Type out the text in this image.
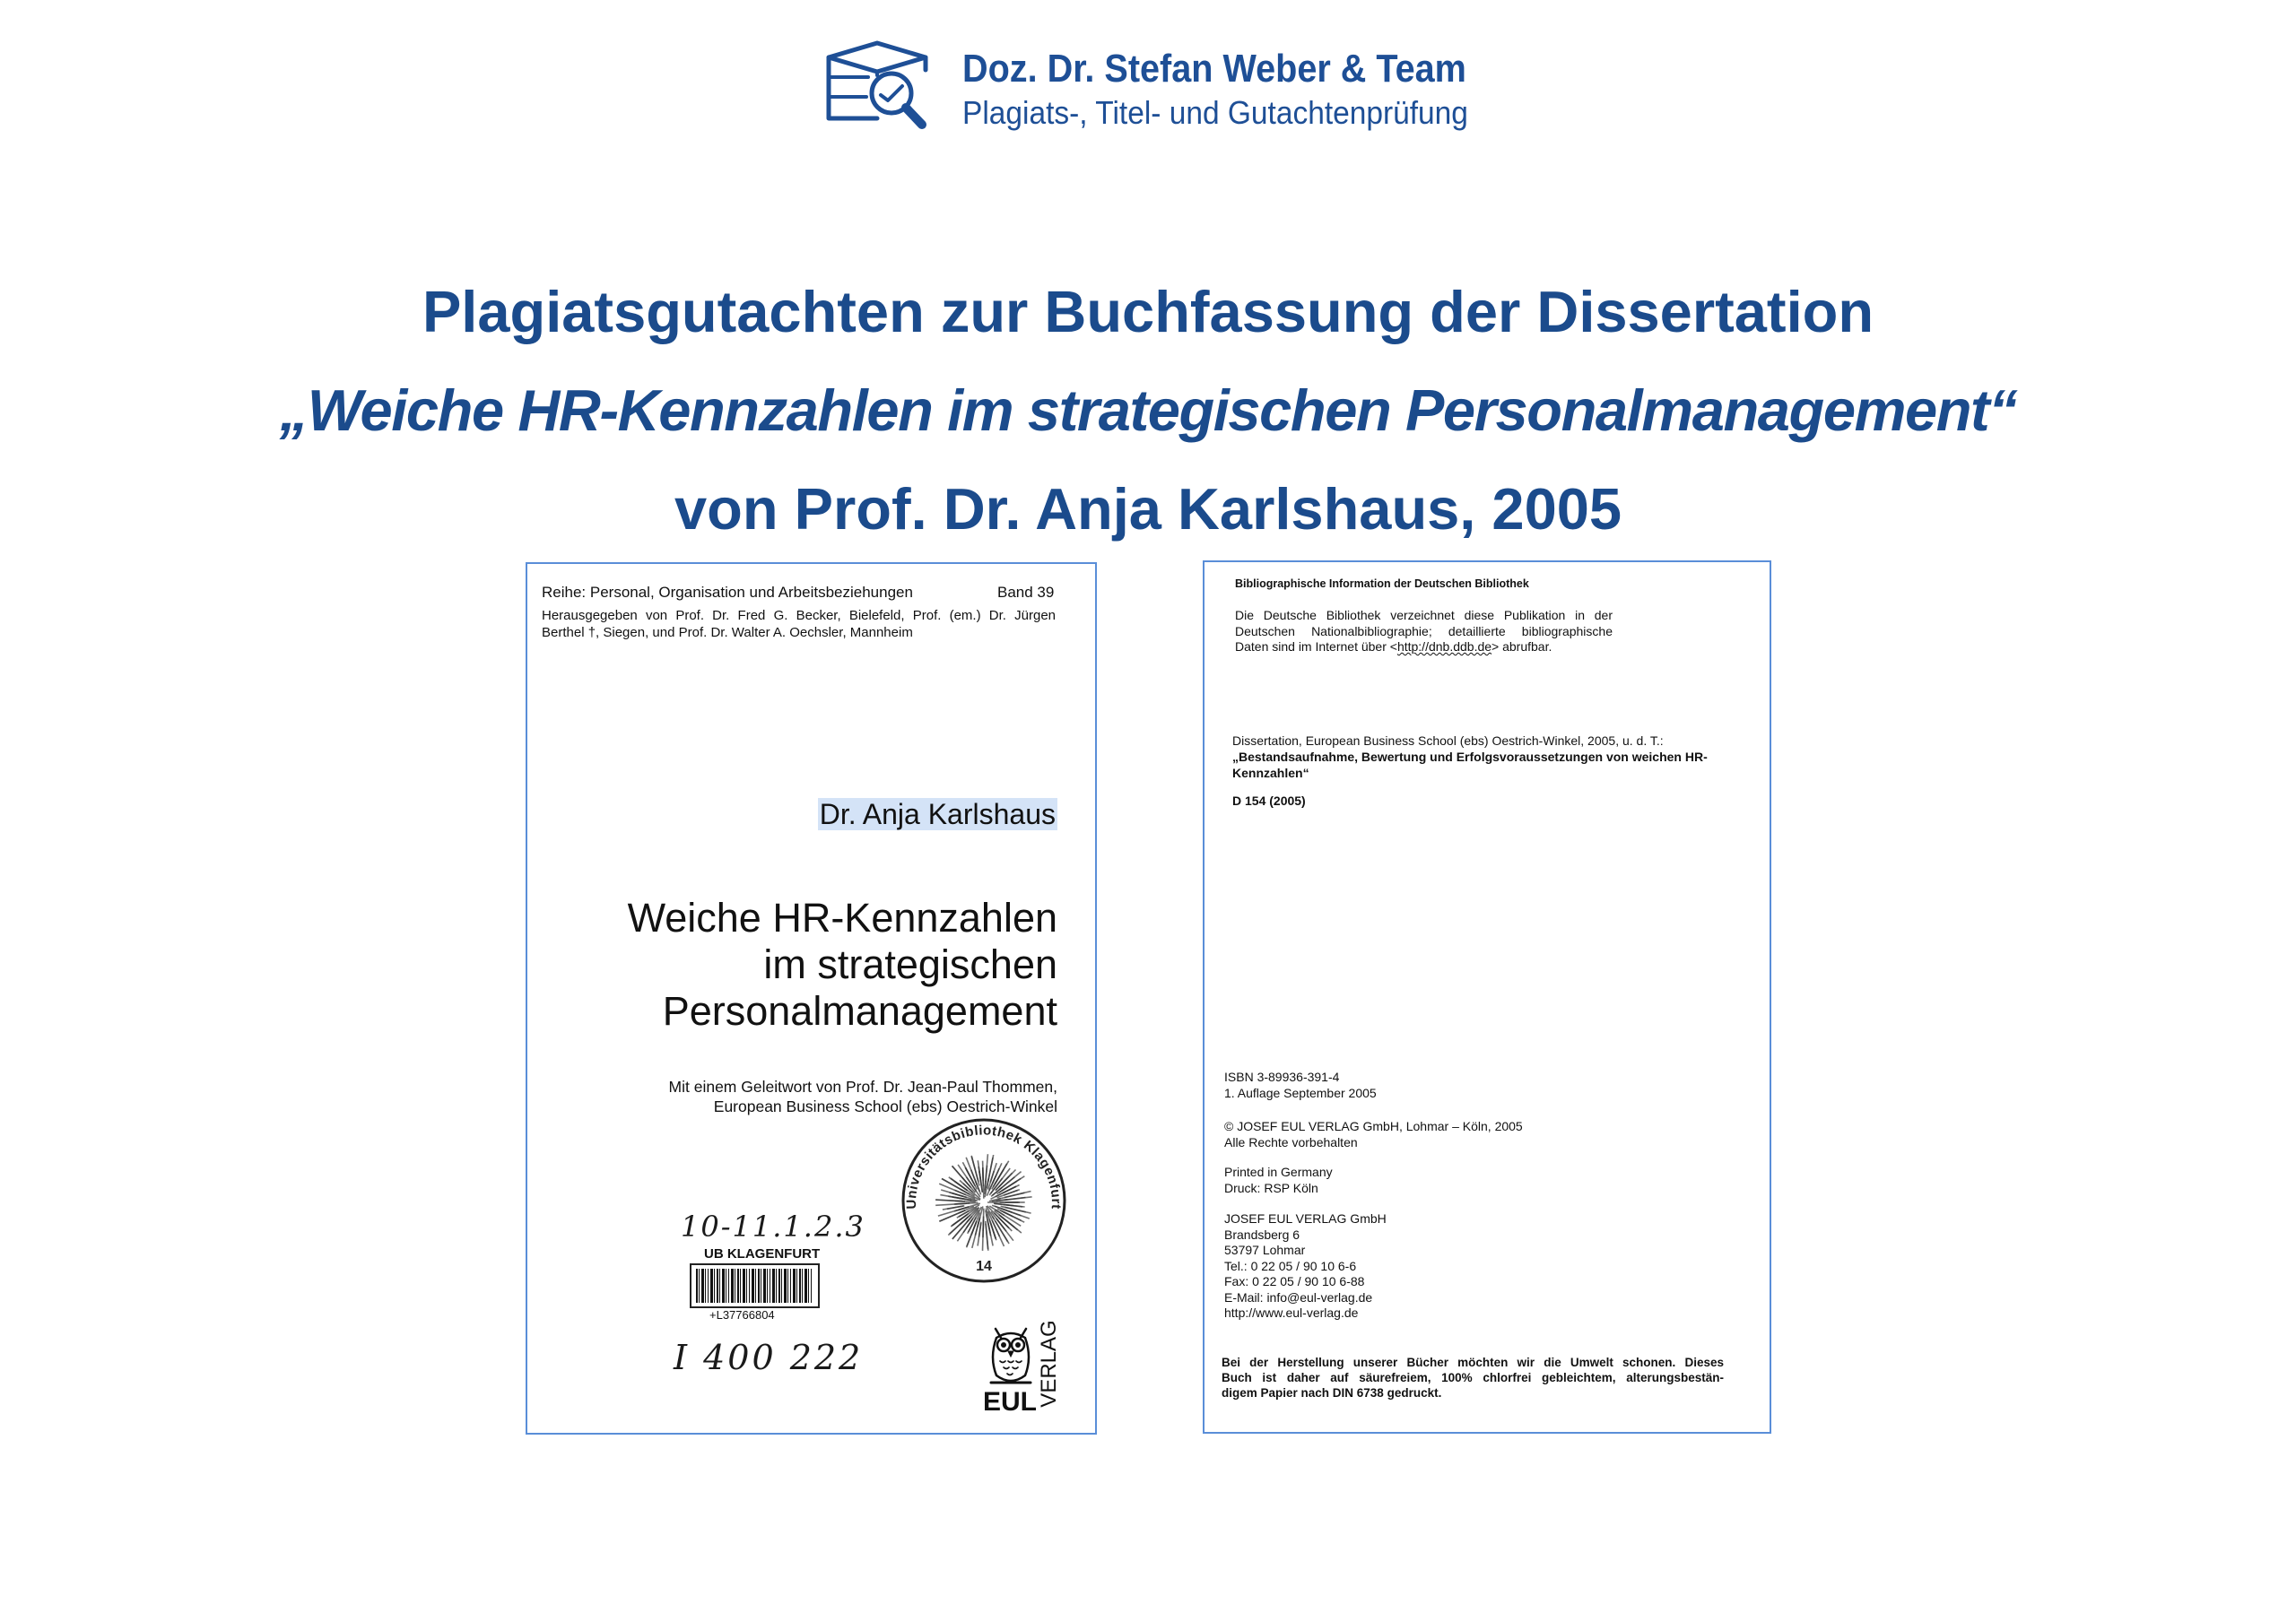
Doz. Dr. Stefan Weber & Team
Plagiats-, Titel- und Gutachtenprüfung
Plagiatsgutachten zur Buchfassung der Dissertation
„Weiche HR-Kennzahlen im strategischen Personalmanagement“
von Prof. Dr. Anja Karlshaus, 2005
Reihe: Personal, Organisation und Arbeitsbeziehungen	Band 39
Herausgegeben von Prof. Dr. Fred G. Becker, Bielefeld, Prof. (em.) Dr. Jürgen
Berthel †, Siegen, und Prof. Dr. Walter A. Oechsler, Mannheim
Dr. Anja Karlshaus
Weiche HR-Kennzahlen
im strategischen
Personalmanagement
Mit einem Geleitwort von Prof. Dr. Jean-Paul Thommen,
European Business School (ebs) Oestrich-Winkel
Universitätsbibliothek Klagenfurt
14
10-11.1.2.3
UB KLAGENFURT
+L37766804
I 400 222
EUL VERLAG
Bibliographische Information der Deutschen Bibliothek
Die Deutsche Bibliothek verzeichnet diese Publikation in der
Deutschen Nationalbibliographie; detaillierte bibliographische
Daten sind im Internet über <http://dnb.ddb.de> abrufbar.
Dissertation, European Business School (ebs) Oestrich-Winkel, 2005, u. d. T.:
„Bestandsaufnahme, Bewertung und Erfolgsvoraussetzungen von weichen HR-
Kennzahlen“
D 154 (2005)
ISBN 3-89936-391-4
1. Auflage September 2005
© JOSEF EUL VERLAG GmbH, Lohmar – Köln, 2005
Alle Rechte vorbehalten
Printed in Germany
Druck: RSP Köln
JOSEF EUL VERLAG GmbH
Brandsberg 6
53797 Lohmar
Tel.: 0 22 05 / 90 10 6-6
Fax: 0 22 05 / 90 10 6-88
E-Mail: info@eul-verlag.de
http://www.eul-verlag.de
Bei der Herstellung unserer Bücher möchten wir die Umwelt schonen. Dieses
Buch ist daher auf säurefreiem, 100% chlorfrei gebleichtem, alterungsbestän-
digem Papier nach DIN 6738 gedruckt.
